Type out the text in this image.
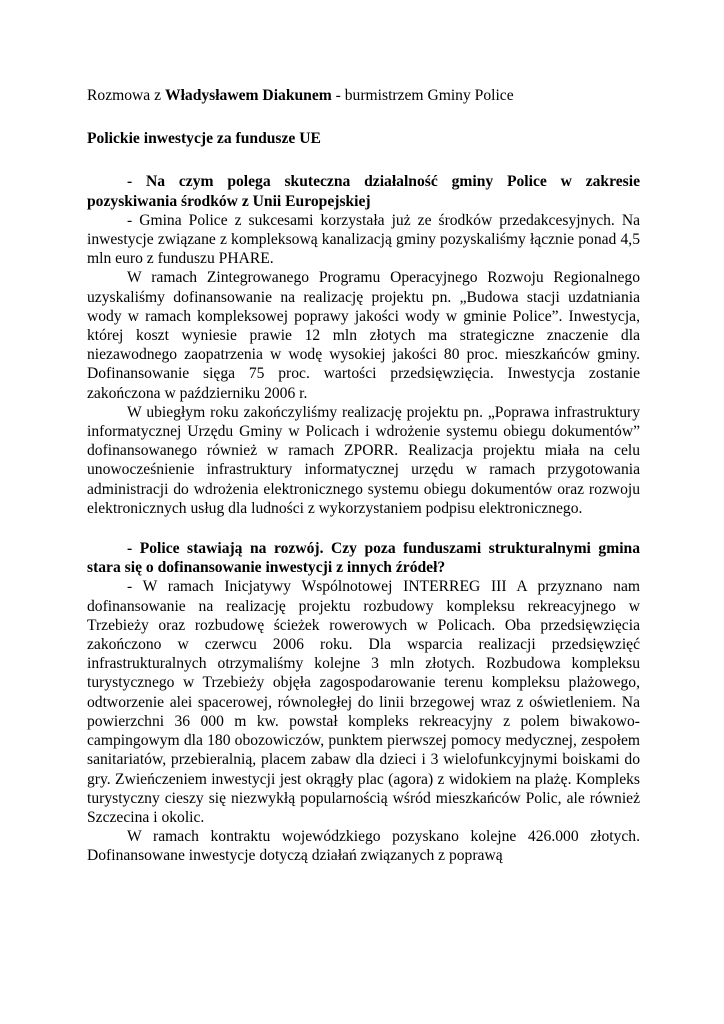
Rozmowa z Władysławem Diakunem - burmistrzem Gminy Police

Polickie inwestycje za fundusze UE

- Na czym polega skuteczna działalność gminy Police w zakresie pozyskiwania środków z Unii Europejskiej

- Gmina Police z sukcesami korzystała już ze środków przedakcesyjnych. Na inwestycje związane z kompleksową kanalizacją gminy pozyskaliśmy łącznie ponad 4,5 mln euro z funduszu PHARE.

W ramach Zintegrowanego Programu Operacyjnego Rozwoju Regionalnego uzyskaliśmy dofinansowanie na realizację projektu pn. „Budowa stacji uzdatniania wody w ramach kompleksowej poprawy jakości wody w gminie Police”. Inwestycja, której koszt wyniesie prawie 12 mln złotych ma strategiczne znaczenie dla niezawodnego zaopatrzenia w wodę wysokiej jakości 80 proc. mieszkańców gminy. Dofinansowanie sięga 75 proc. wartości przedsięwzięcia. Inwestycja zostanie zakończona w październiku 2006 r.

W ubiegłym roku zakończyliśmy realizację projektu pn. „Poprawa infrastruktury informatycznej Urzędu Gminy w Policach i wdrożenie systemu obiegu dokumentów” dofinansowanego również w ramach ZPORR. Realizacja projektu miała na celu unowocześnienie infrastruktury informatycznej urzędu w ramach przygotowania administracji do wdrożenia elektronicznego systemu obiegu dokumentów oraz rozwoju elektronicznych usług dla ludności z wykorzystaniem podpisu elektronicznego.

- Police stawiają na rozwój. Czy poza funduszami strukturalnymi gmina stara się o dofinansowanie inwestycji z innych źródeł?

- W ramach Inicjatywy Wspólnotowej INTERREG III A przyznano nam dofinansowanie na realizację projektu rozbudowy kompleksu rekreacyjnego w Trzebieży oraz rozbudowę ścieżek rowerowych w Policach. Oba przedsięwzięcia zakończono w czerwcu 2006 roku. Dla wsparcia realizacji przedsięwzięć infrastrukturalnych otrzymaliśmy kolejne 3 mln złotych. Rozbudowa kompleksu turystycznego w Trzebieży objęła zagospodarowanie terenu kompleksu plażowego, odtworzenie alei spacerowej, równoległej do linii brzegowej wraz z oświetleniem. Na powierzchni 36 000 m kw. powstał kompleks rekreacyjny z polem biwakowo-campingowym dla 180 obozowiczów, punktem pierwszej pomocy medycznej, zespołem sanitariatów, przebieralnią, placem zabaw dla dzieci i 3 wielofunkcyjnymi boiskami do gry. Zwieńczeniem inwestycji jest okrągły plac (agora) z widokiem na plażę. Kompleks turystyczny cieszy się niezwykłą popularnością wśród mieszkańców Polic, ale również Szczecina i okolic.

W ramach kontraktu wojewódzkiego pozyskano kolejne 426.000 złotych. Dofinansowane inwestycje dotyczą działań związanych z poprawą
